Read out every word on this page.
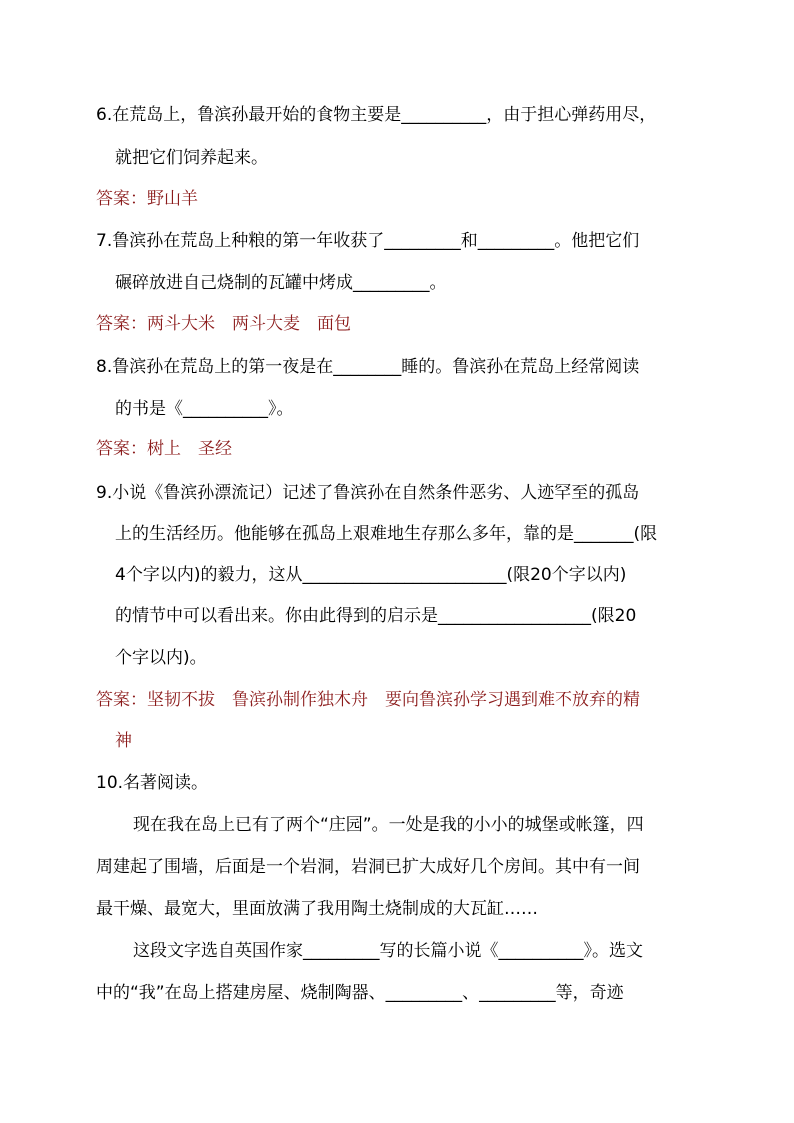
6.在荒岛上，鲁滨孙最开始的食物主要是__________，由于担心弹药用尽，
就把它们饲养起来。
答案：野山羊
7.鲁滨孙在荒岛上种粮的第一年收获了_________和_________。他把它们
碾碎放进自己烧制的瓦罐中烤成_________。
答案：两斗大米　两斗大麦　面包
8.鲁滨孙在荒岛上的第一夜是在________睡的。鲁滨孙在荒岛上经常阅读
的书是《__________》。
答案：树上　圣经
9.小说《鲁滨孙漂流记）记述了鲁滨孙在自然条件恶劣、人迹罕至的孤岛
上的生活经历。他能够在孤岛上艰难地生存那么多年，靠的是_______(限
4个字以内)的毅力，这从________________________(限20个字以内)
的情节中可以看出来。你由此得到的启示是__________________(限20
个字以内)。
答案：坚韧不拔　鲁滨孙制作独木舟　要向鲁滨孙学习遇到难不放弃的精
神
10.名著阅读。
现在我在岛上已有了两个“庄园”。一处是我的小小的城堡或帐篷，四
周建起了围墙，后面是一个岩洞，岩洞已扩大成好几个房间。其中有一间
最干燥、最宽大，里面放满了我用陶土烧制成的大瓦缸……
这段文字选自英国作家_________写的长篇小说《__________》。选文
中的“我”在岛上搭建房屋、烧制陶器、_________、_________等，奇迹
